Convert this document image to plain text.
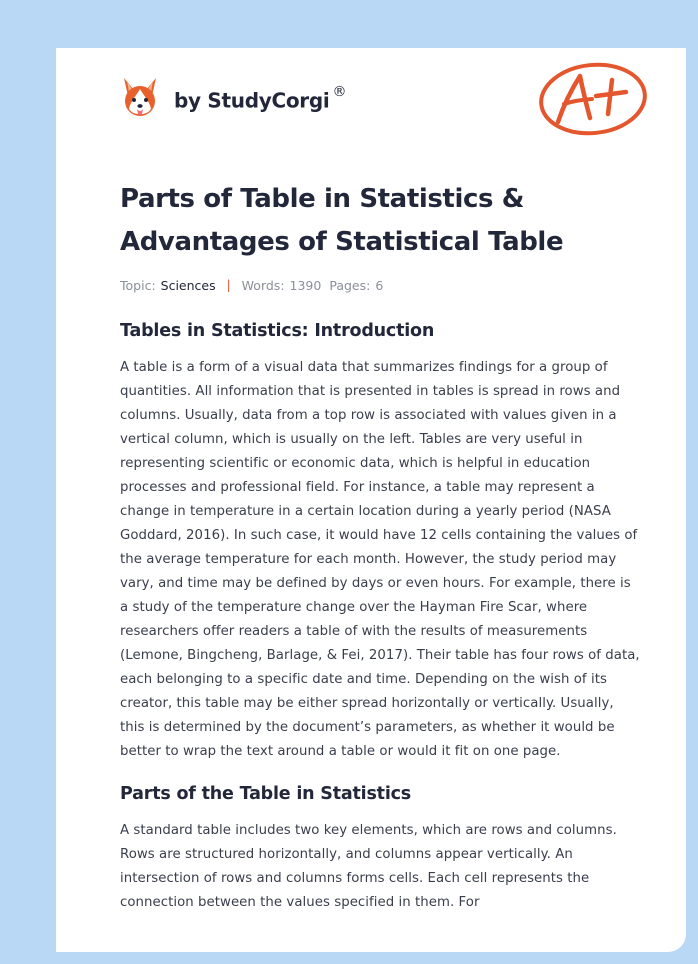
by StudyCorgi ®
Parts of Table in Statistics & Advantages of Statistical Table
Topic: Sciences | Words: 1390 Pages: 6
Tables in Statistics: Introduction

A table is a form of a visual data that summarizes findings for a group of quantities. All information that is presented in tables is spread in rows and columns. Usually, data from a top row is associated with values given in a vertical column, which is usually on the left. Tables are very useful in representing scientific or economic data, which is helpful in education processes and professional field. For instance, a table may represent a change in temperature in a certain location during a yearly period (NASA Goddard, 2016). In such case, it would have 12 cells containing the values of the average temperature for each month. However, the study period may vary, and time may be defined by days or even hours. For example, there is a study of the temperature change over the Hayman Fire Scar, where researchers offer readers a table of with the results of measurements (Lemone, Bingcheng, Barlage, & Fei, 2017). Their table has four rows of data, each belonging to a specific date and time. Depending on the wish of its creator, this table may be either spread horizontally or vertically. Usually, this is determined by the document’s parameters, as whether it would be better to wrap the text around a table or would it fit on one page.

Parts of the Table in Statistics

A standard table includes two key elements, which are rows and columns. Rows are structured horizontally, and columns appear vertically. An intersection of rows and columns forms cells. Each cell represents the connection between the values specified in them. For
